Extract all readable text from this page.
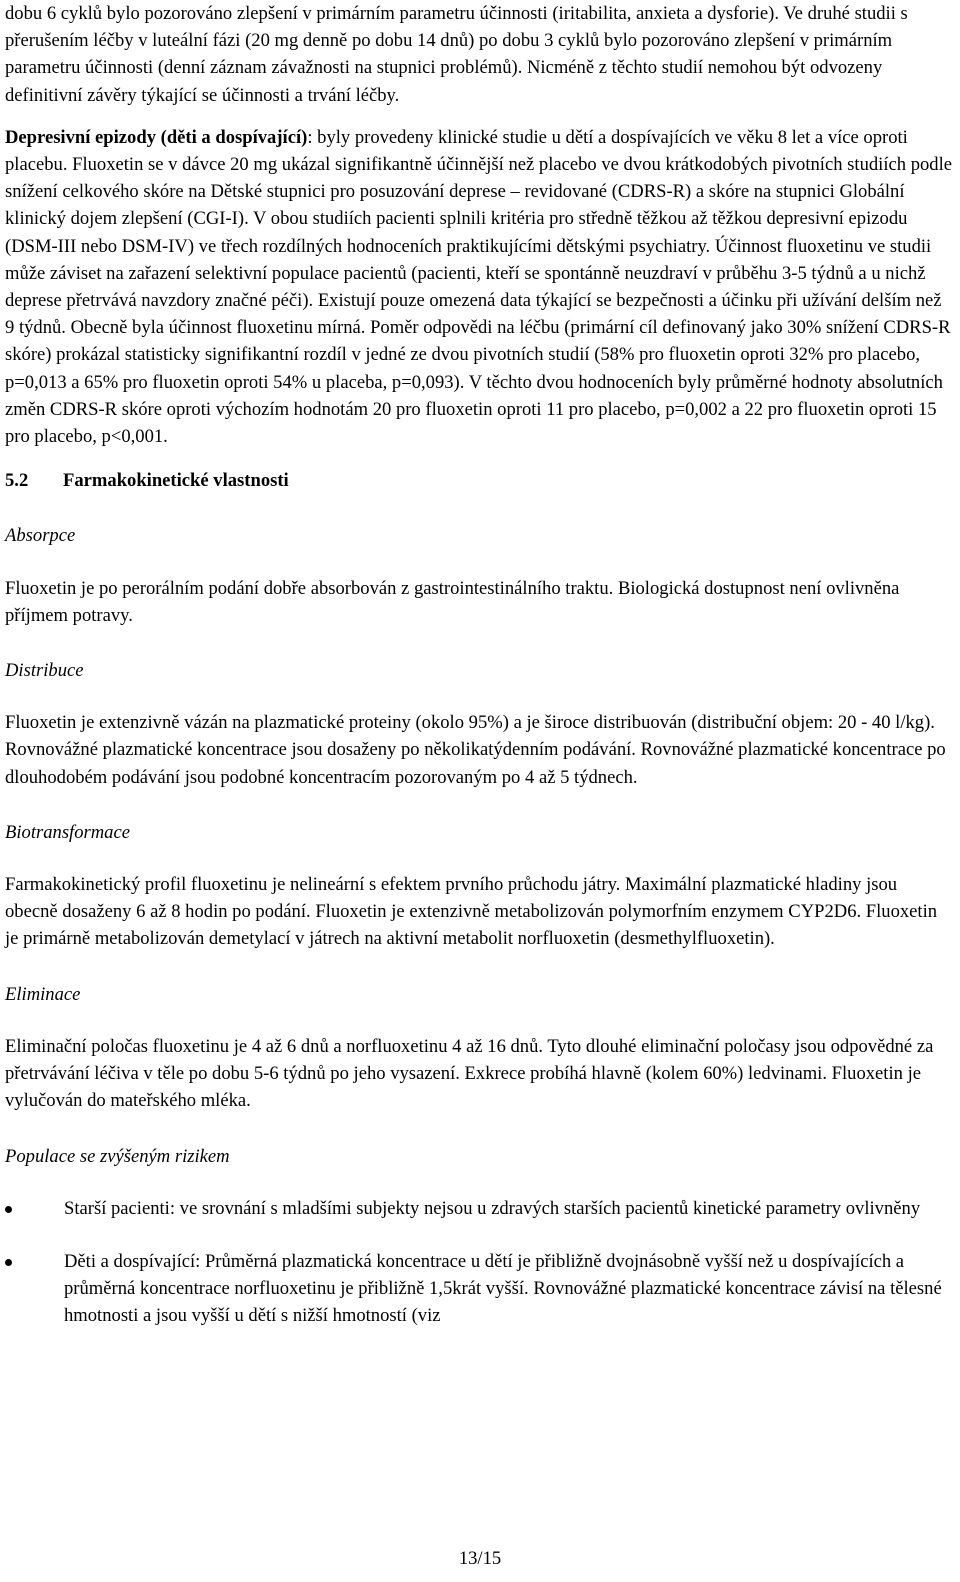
dobu 6 cyklů bylo pozorováno zlepšení v primárním parametru účinnosti (iritabilita, anxieta a dysforie). Ve druhé studii s přerušením léčby v luteální fázi (20 mg denně po dobu 14 dnů) po dobu 3 cyklů bylo pozorováno zlepšení v primárním parametru účinnosti (denní záznam závažnosti na stupnici problémů). Nicméně z těchto studií nemohou být odvozeny definitivní závěry týkající se účinnosti a trvání léčby.

Depresivní epizody (děti a dospívající): byly provedeny klinické studie u dětí a dospívajících ve věku 8 let a více oproti placebu. Fluoxetin se v dávce 20 mg ukázal signifikantně účinnější než placebo ve dvou krátkodobých pivotních studiích podle snížení celkového skóre na Dětské stupnici pro posuzování deprese – revidované (CDRS-R) a skóre na stupnici Globální klinický dojem zlepšení (CGI-I). V obou studiích pacienti splnili kritéria pro středně těžkou až těžkou depresivní epizodu (DSM-III nebo DSM-IV) ve třech rozdílných hodnoceních praktikujícími dětskými psychiatry. Účinnost fluoxetinu ve studii může záviset na zařazení selektivní populace pacientů (pacienti, kteří se spontánně neuzdraví v průběhu 3-5 týdnů a u nichž deprese přetrvává navzdory značné péči). Existují pouze omezená data týkající se bezpečnosti a účinku při užívání delším než 9 týdnů. Obecně byla účinnost fluoxetinu mírná. Poměr odpovědi na léčbu (primární cíl definovaný jako 30% snížení CDRS-R skóre) prokázal statisticky signifikantní rozdíl v jedné ze dvou pivotních studií (58% pro fluoxetin oproti 32% pro placebo, p=0,013 a 65% pro fluoxetin oproti 54% u placeba, p=0,093). V těchto dvou hodnoceních byly průměrné hodnoty absolutních změn CDRS-R skóre oproti výchozím hodnotám 20 pro fluoxetin oproti 11 pro placebo, p=0,002 a 22 pro fluoxetin oproti 15 pro placebo, p<0,001.

5.2	Farmakokinetické vlastnosti

Absorpce

Fluoxetin je po perorálním podání dobře absorbován z gastrointestinálního traktu. Biologická dostupnost není ovlivněna příjmem potravy.

Distribuce

Fluoxetin je extenzivně vázán na plazmatické proteiny (okolo 95%) a je široce distribuován (distribuční objem: 20 - 40 l/kg). Rovnovážné plazmatické koncentrace jsou dosaženy po několikatýdenním podávání. Rovnovážné plazmatické koncentrace po dlouhodobém podávání jsou podobné koncentracím pozorovaným po 4 až 5 týdnech.

Biotransformace

Farmakokinetický profil fluoxetinu je nelineární s efektem prvního průchodu játry. Maximální plazmatické hladiny jsou obecně dosaženy 6 až 8 hodin po podání. Fluoxetin je extenzivně metabolizován polymorfním enzymem CYP2D6. Fluoxetin je primárně metabolizován demetylací v játrech na aktivní metabolit norfluoxetin (desmethylfluoxetin).

Eliminace

Eliminační poločas fluoxetinu je 4 až 6 dnů a norfluoxetinu 4 až 16 dnů. Tyto dlouhé eliminační poločasy jsou odpovědné za přetrvávání léčiva v těle po dobu 5-6 týdnů po jeho vysazení. Exkrece probíhá hlavně (kolem 60%) ledvinami. Fluoxetin je vylučován do mateřského mléka.

Populace se zvýšeným rizikem

Starší pacienti: ve srovnání s mladšími subjekty nejsou u zdravých starších pacientů kinetické parametry ovlivněny
Děti a dospívající: Průměrná plazmatická koncentrace u dětí je přibližně dvojnásobně vyšší než u dospívajících a průměrná koncentrace norfluoxetinu je přibližně 1,5krát vyšší. Rovnovážné plazmatické koncentrace závisí na tělesné hmotnosti a jsou vyšší u dětí s nižší hmotností (viz
13/15
